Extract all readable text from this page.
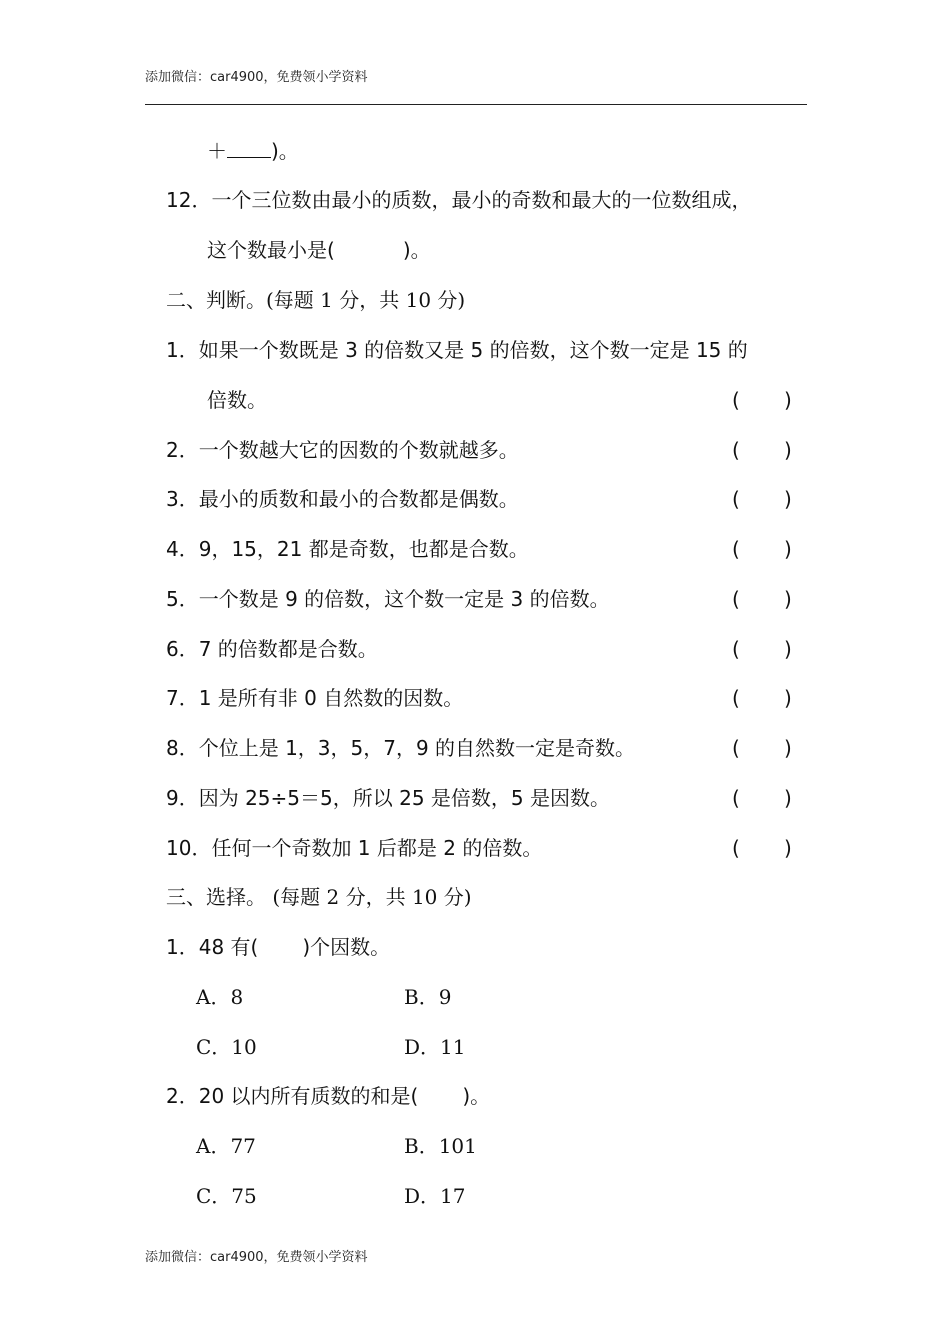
添加微信：car4900，免费领小学资料
＋ )。
12．一个三位数由最小的质数，最小的奇数和最大的一位数组成，
这个数最小是(	)。
二、判断。(每题 1 分，共 10 分)
1．如果一个数既是 3 的倍数又是 5 的倍数，这个数一定是 15 的
倍数。	( )
2．一个数越大它的因数的个数就越多。	( )
3．最小的质数和最小的合数都是偶数。	( )
4．9，15，21 都是奇数，也都是合数。	( )
5．一个数是 9 的倍数，这个数一定是 3 的倍数。	( )
6．7 的倍数都是合数。	( )
7．1 是所有非 0 自然数的因数。	( )
8．个位上是 1，3，5，7，9 的自然数一定是奇数。	( )
9．因为 25÷5＝5，所以 25 是倍数，5 是因数。	( )
10．任何一个奇数加 1 后都是 2 的倍数。	( )
三、选择。 (每题 2 分，共 10 分)
1．48 有( )个因数。
A．8	B．9
C．10	D．11
2．20 以内所有质数的和是( )。
A．77	B．101
C．75	D．17
添加微信：car4900，免费领小学资料
